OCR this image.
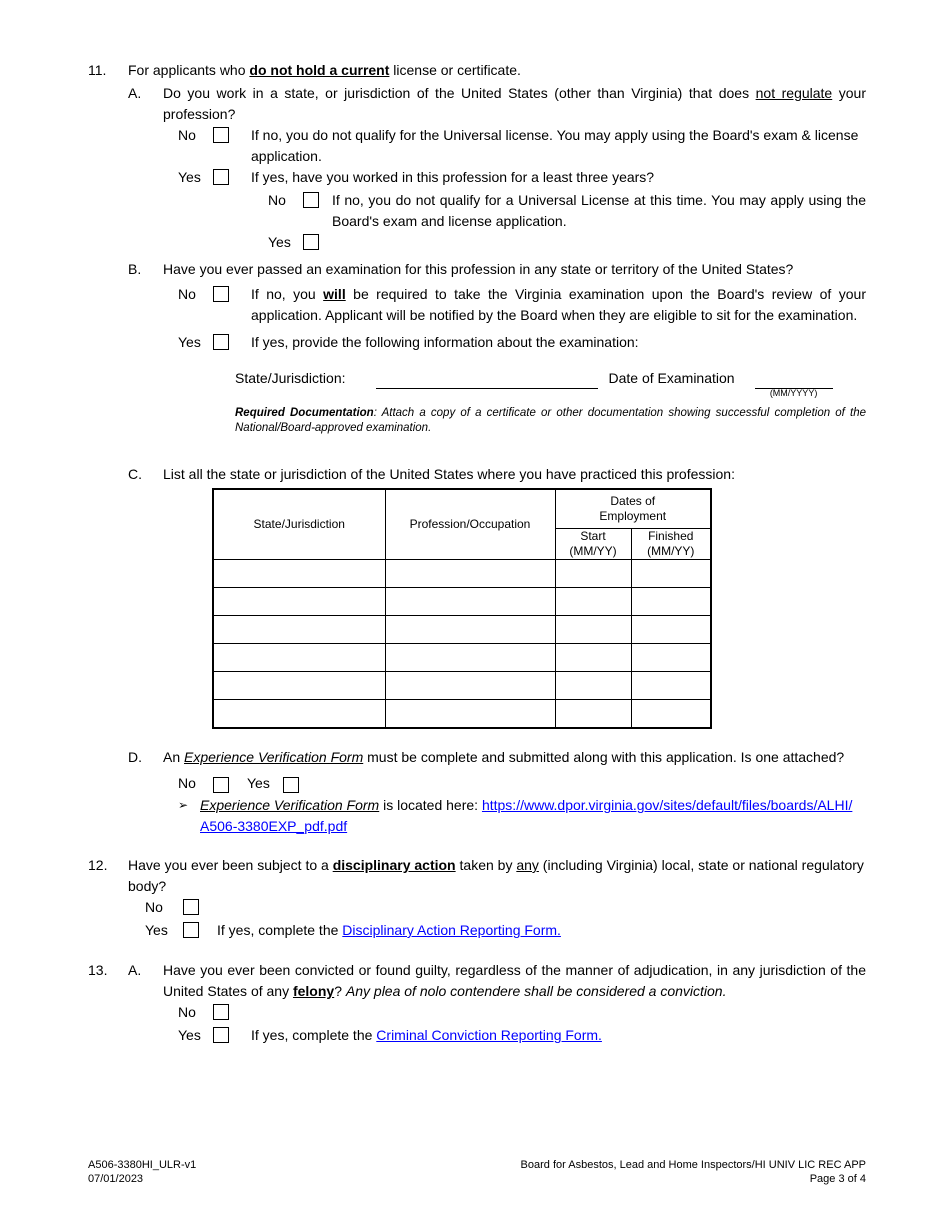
11.	For applicants who do not hold a current license or certificate.
A.	Do you work in a state, or jurisdiction of the United States (other than Virginia) that does not regulate your profession?
No	If no, you do not qualify for the Universal license. You may apply using the Board's exam & license application.
Yes	If yes, have you worked in this profession for a least three years?
No	If no, you do not qualify for a Universal License at this time. You may apply using the Board's exam and license application.
Yes
B.	Have you ever passed an examination for this profession in any state or territory of the United States?
No	If no, you will be required to take the Virginia examination upon the Board's review of your application. Applicant will be notified by the Board when they are eligible to sit for the examination.
Yes	If yes, provide the following information about the examination:
State/Jurisdiction:	Date of Examination
(MM/YYYY)
Required Documentation: Attach a copy of a certificate or other documentation showing successful completion of the National/Board-approved examination.
C.	List all the state or jurisdiction of the United States where you have practiced this profession:
State/Jurisdiction	Profession/Occupation	Dates of Employment	
		Start (MM/YY)	Finished (MM/YY)

D.	An Experience Verification Form must be complete and submitted along with this application. Is one attached?
No	Yes
➢ Experience Verification Form is located here: https://www.dpor.virginia.gov/sites/default/files/boards/ALHI/
A506-3380EXP_pdf.pdf
12.	Have you ever been subject to a disciplinary action taken by any (including Virginia) local, state or national regulatory body?
No
Yes	If yes, complete the Disciplinary Action Reporting Form.
13.	A.	Have you ever been convicted or found guilty, regardless of the manner of adjudication, in any jurisdiction of the United States of any felony? Any plea of nolo contendere shall be considered a conviction.
No
Yes	If yes, complete the Criminal Conviction Reporting Form.
A506-3380HI_ULR-v1
07/01/2023
Board for Asbestos, Lead and Home Inspectors/HI UNIV LIC REC APP
Page 3 of 4
